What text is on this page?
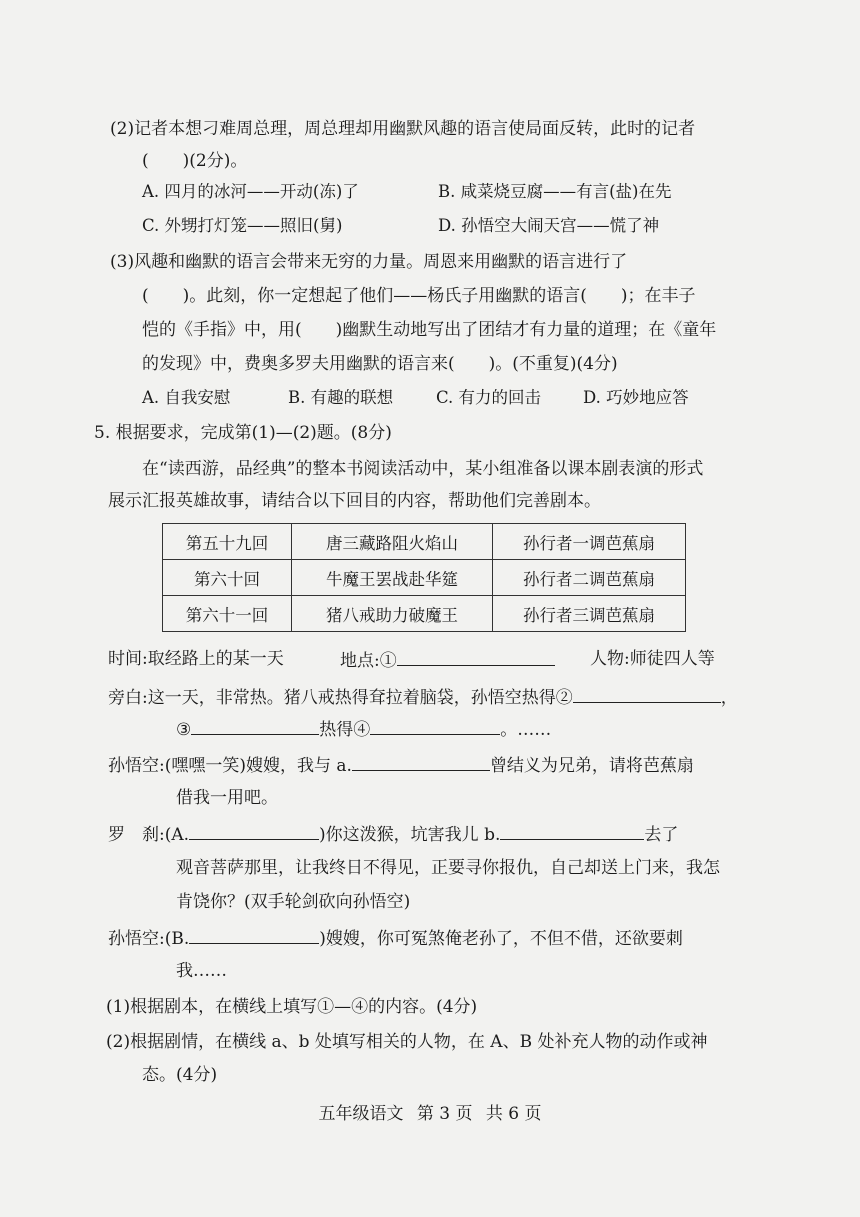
(2)记者本想刁难周总理，周总理却用幽默风趣的语言使局面反转，此时的记者
(　　)(2分)。
A. 四月的冰河——开动(冻)了	B. 咸菜烧豆腐——有言(盐)在先
C. 外甥打灯笼——照旧(舅)	D. 孙悟空大闹天宫——慌了神
(3)风趣和幽默的语言会带来无穷的力量。周恩来用幽默的语言进行了
(　　)。此刻，你一定想起了他们——杨氏子用幽默的语言(　　)；在丰子
恺的《手指》中，用(　　)幽默生动地写出了团结才有力量的道理；在《童年
的发现》中，费奥多罗夫用幽默的语言来(　　)。(不重复)(4分)
A. 自我安慰	B. 有趣的联想	C. 有力的回击	D. 巧妙地应答
5. 根据要求，完成第(1)—(2)题。(8分)
在“读西游，品经典”的整本书阅读活动中，某小组准备以课本剧表演的形式
展示汇报英雄故事，请结合以下回目的内容，帮助他们完善剧本。
第五十九回	唐三藏路阻火焰山	孙行者一调芭蕉扇
第六十回	牛魔王罢战赴华筵	孙行者二调芭蕉扇
第六十一回	猪八戒助力破魔王	孙行者三调芭蕉扇
时间:取经路上的某一天	地点:①	人物:师徒四人等
旁白:这一天，非常热。猪八戒热得耷拉着脑袋，孙悟空热得②	，
③	热得④	。……
孙悟空:(嘿嘿一笑)嫂嫂，我与 a.	曾结义为兄弟，请将芭蕉扇
借我一用吧。
罗　刹:(A.	)你这泼猴，坑害我儿 b.	去了
观音菩萨那里，让我终日不得见，正要寻你报仇，自己却送上门来，我怎
肯饶你？(双手轮剑砍向孙悟空)
孙悟空:(B.	)嫂嫂，你可冤煞俺老孙了，不但不借，还欲要刺
我……
(1)根据剧本，在横线上填写①—④的内容。(4分)
(2)根据剧情，在横线 a、b 处填写相关的人物，在 A、B 处补充人物的动作或神
态。(4分)
五年级语文 第 3 页 共 6 页
